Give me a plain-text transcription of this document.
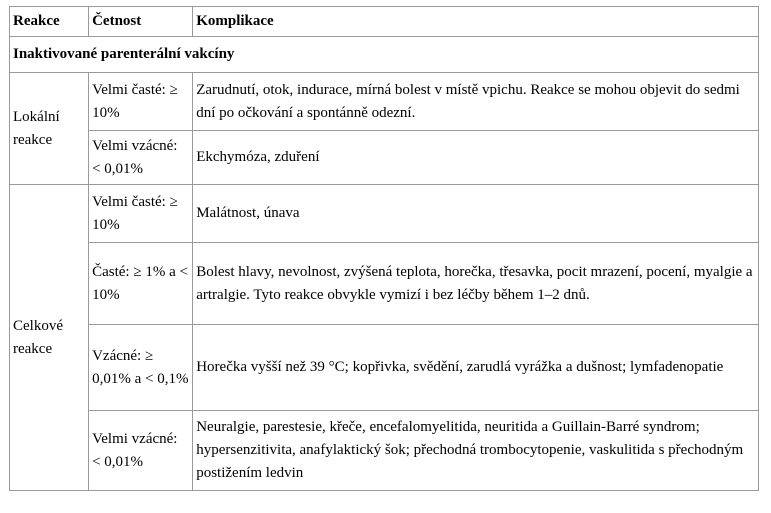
Reakce	Četnost	Komplikace
Inaktivované parenterální vakcíny		
Lokální reakce	Velmi časté: ≥ 10%	Zarudnutí, otok, indurace, mírná bolest v místě vpichu. Reakce se mohou objevit do sedmi dní po očkování a spontánně odezní.
	Velmi vzácné: < 0,01%	Ekchymóza, zduření
Celkové reakce	Velmi časté: ≥ 10%	Malátnost, únava
	Časté: ≥ 1% a < 10%	Bolest hlavy, nevolnost, zvýšená teplota, horečka, třesavka, pocit mrazení, pocení, myalgie a artralgie. Tyto reakce obvykle vymizí i bez léčby během 1–2 dnů.
	Vzácné: ≥ 0,01% a < 0,1%	Horečka vyšší než 39 °C; kopřivka, svědění, zarudlá vyrážka a dušnost; lymfadenopatie
	Velmi vzácné: < 0,01%	Neuralgie, parestesie, křeče, encefalomyelitida, neuritida a Guillain-Barré syndrom; hypersenzitivita, anafylaktický šok; přechodná trombocytopenie, vaskulitida s přechodným postižením ledvin
